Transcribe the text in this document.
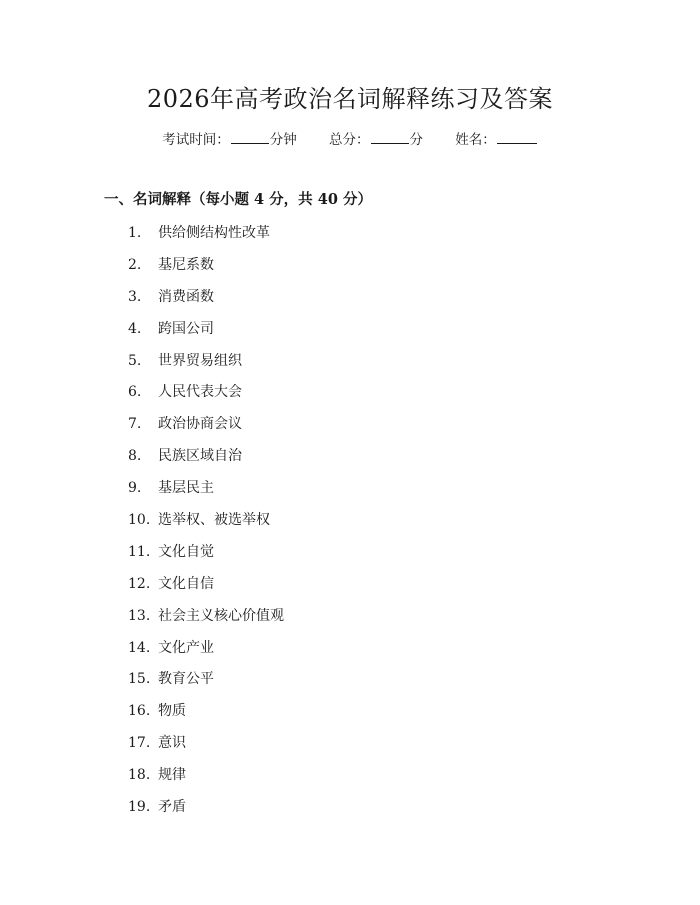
2026年高考政治名词解释练习及答案
考试时间：	分钟 总分：	分 姓名：
一、名词解释（每小题 4 分，共 40 分）
1. 供给侧结构性改革
2. 基尼系数
3. 消费函数
4. 跨国公司
5. 世界贸易组织
6. 人民代表大会
7. 政治协商会议
8. 民族区域自治
9. 基层民主
10. 选举权、被选举权
11. 文化自觉
12. 文化自信
13. 社会主义核心价值观
14. 文化产业
15. 教育公平
16. 物质
17. 意识
18. 规律
19. 矛盾
